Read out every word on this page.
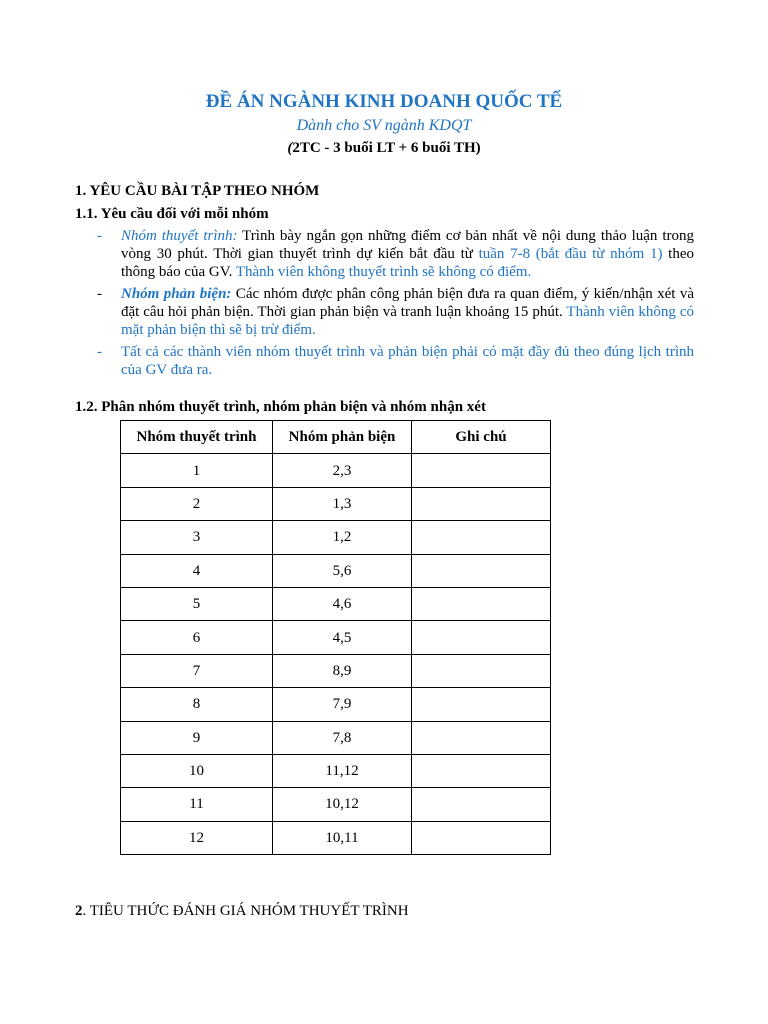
ĐỀ ÁN NGÀNH KINH DOANH QUỐC TẾ
Dành cho SV ngành KDQT
(2TC - 3 buổi LT + 6 buổi TH)
1. YÊU CẦU BÀI TẬP THEO NHÓM
1.1. Yêu cầu đối với mỗi nhóm
-	Nhóm thuyết trình: Trình bày ngắn gọn những điểm cơ bản nhất về nội dung thảo luận trong vòng 30 phút. Thời gian thuyết trình dự kiến bắt đầu từ tuần 7-8 (bắt đầu từ nhóm 1) theo thông báo của GV. Thành viên không thuyết trình sẽ không có điểm.
-	Nhóm phản biện: Các nhóm được phân công phản biện đưa ra quan điểm, ý kiến/nhận xét và đặt câu hỏi phản biện. Thời gian phản biện và tranh luận khoảng 15 phút. Thành viên không có mặt phản biện thì sẽ bị trừ điểm.
-	Tất cả các thành viên nhóm thuyết trình và phản biện phải có mặt đầy đủ theo đúng lịch trình của GV đưa ra.
1.2. Phân nhóm thuyết trình, nhóm phản biện và nhóm nhận xét
Nhóm thuyết trình	Nhóm phản biện	Ghi chú
1	2,3	
2	1,3	
3	1,2	
4	5,6	
5	4,6	
6	4,5	
7	8,9	
8	7,9	
9	7,8	
10	11,12	
11	10,12	
12	10,11	
2. TIÊU THỨC ĐÁNH GIÁ NHÓM THUYẾT TRÌNH
